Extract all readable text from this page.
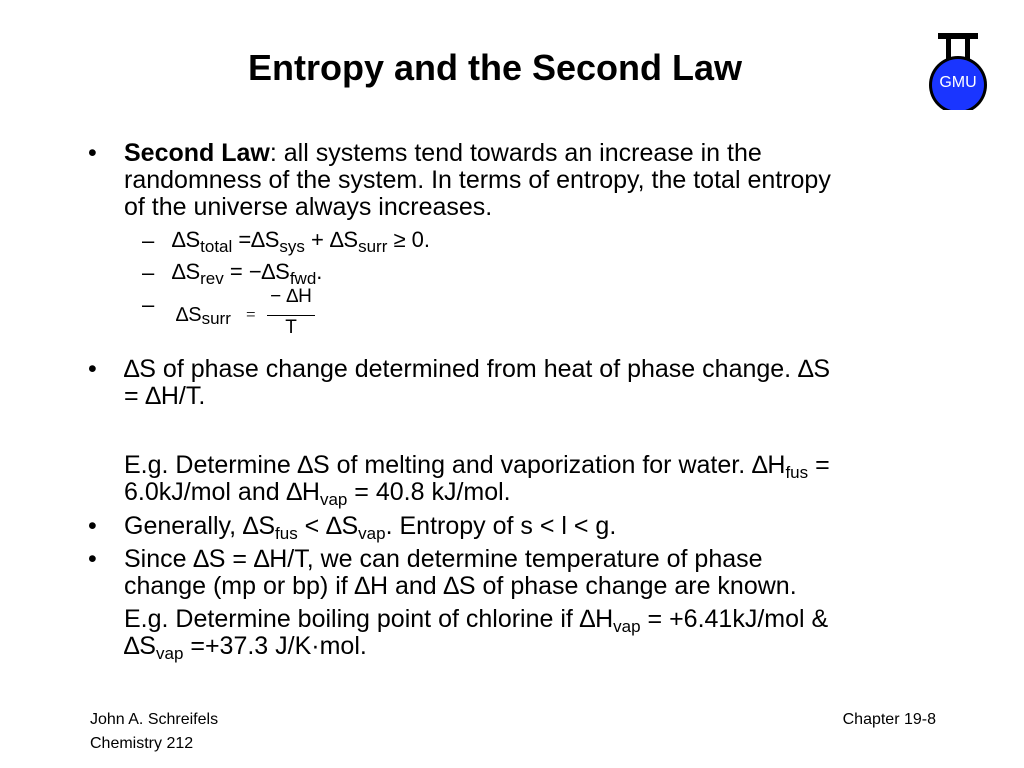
Entropy and the Second Law	GMU
• Second Law: all systems tend towards an increase in the
randomness of the system. In terms of entropy, the total entropy
of the universe always increases.
– $\Delta S_{total} =\Delta S_{sys} + \Delta S_{surr} \ge 0$.
– $\Delta S_{rev} = -\Delta S_{fwd}$.
– ∆Ssurr =
− ∆H
T
• ∆S of phase change determined from heat of phase change. ∆S
= ∆H/T.
E.g. Determine ∆S of melting and vaporization for water. $\Delta H_{fus}$ =
6.0kJ/mol and $\Delta H_{vap} = 40.8$ kJ/mol.
• Generally, $\Delta S_{fus} < \Delta S_{vap}$. Entropy of s < l < g.
• Since ∆S = ∆H/T, we can determine temperature of phase
change (mp or bp) if ∆H and ∆S of phase change are known.
E.g. Determine boiling point of chlorine if $\Delta H_{vap} = +6.41kJ/mol$ &
$\Delta S_{vap} =+37.3$ J/K·mol.
John A. Schreifels
Chemistry 212
Chapter 19-8
